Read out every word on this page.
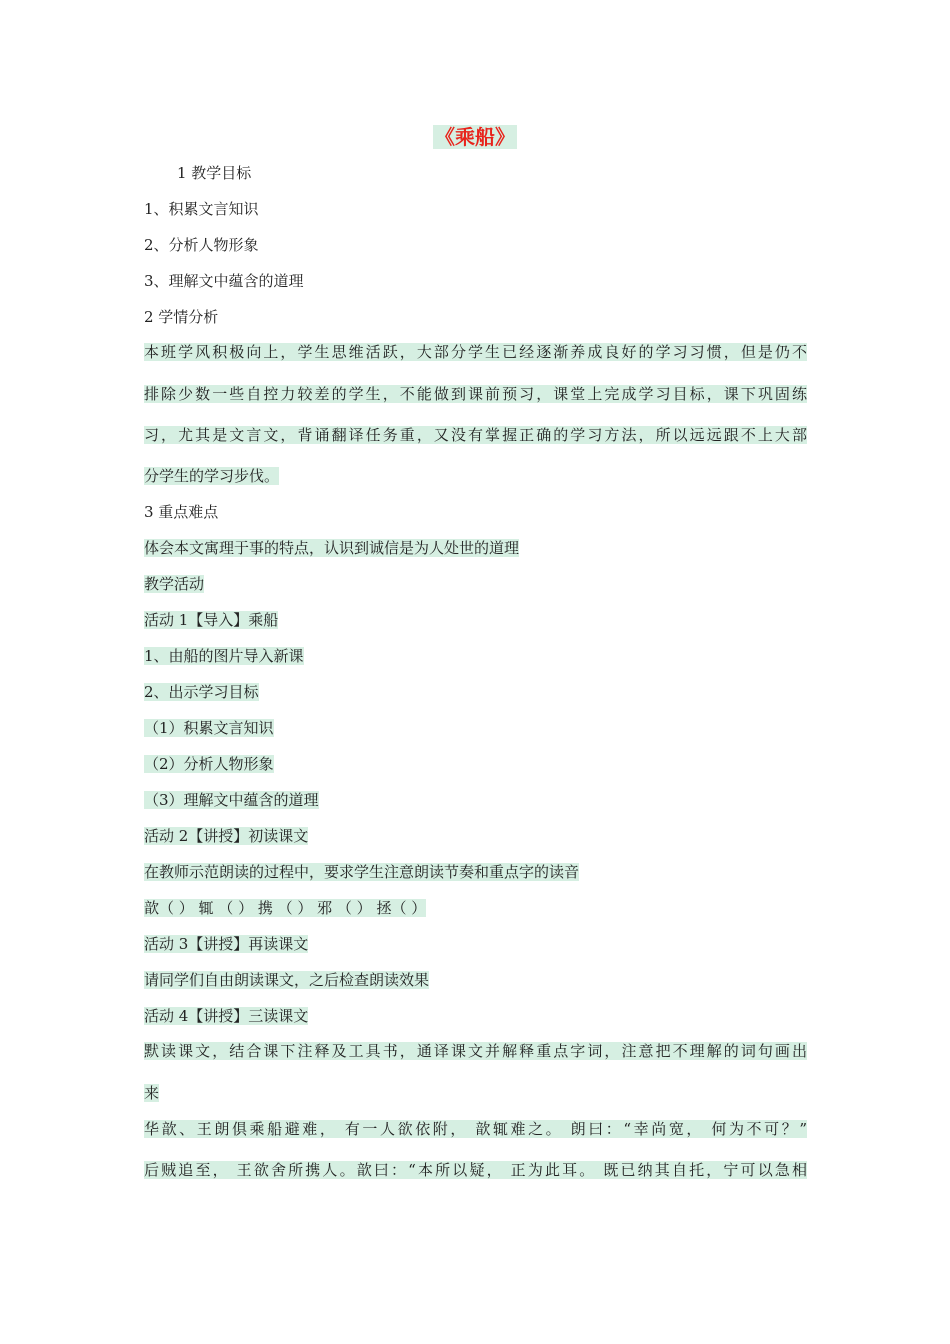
《乘船》
1 教学目标
1、积累文言知识
2、分析人物形象
3、理解文中蕴含的道理
2 学情分析
本班学风积极向上，学生思维活跃，大部分学生已经逐渐养成良好的学习习惯，但是仍不
排除少数一些自控力较差的学生，不能做到课前预习，课堂上完成学习目标，课下巩固练
习，尤其是文言文，背诵翻译任务重，又没有掌握正确的学习方法，所以远远跟不上大部
分学生的学习步伐。
3 重点难点
体会本文寓理于事的特点，认识到诚信是为人处世的道理
教学活动
活动 1【导入】乘船
1、由船的图片导入新课
2、出示学习目标
（1）积累文言知识
（2）分析人物形象
（3）理解文中蕴含的道理
活动 2【讲授】初读课文
在教师示范朗读的过程中，要求学生注意朗读节奏和重点字的读音
歆（ ） 辄 （ ） 携 （ ） 邪 （ ） 拯（ ）
活动 3【讲授】再读课文
请同学们自由朗读课文，之后检查朗读效果
活动 4【讲授】三读课文
默读课文，结合课下注释及工具书，通译课文并解释重点字词，注意把不理解的词句画出
来
华歆、王朗俱乘船避难， 有一人欲依附， 歆辄难之。 朗曰：“幸尚宽， 何为不可？”
后贼追至， 王欲舍所携人。歆曰：“本所以疑， 正为此耳。 既已纳其自托，宁可以急相
